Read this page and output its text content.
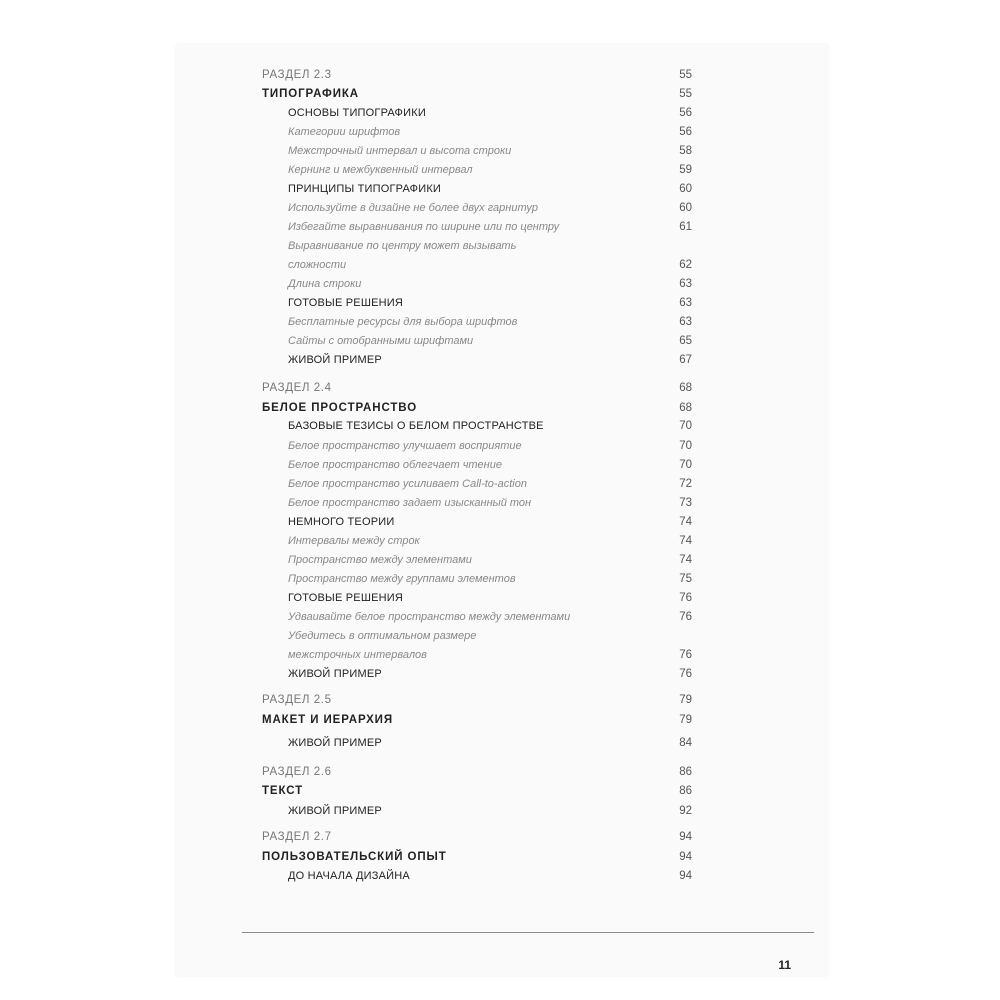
РАЗДЕЛ 2.3	55
ТИПОГРАФИКА	55
ОСНОВЫ ТИПОГРАФИКИ	56
Категории шрифтов	56
Межстрочный интервал и высота строки	58
Кернинг и межбуквенный интервал	59
ПРИНЦИПЫ ТИПОГРАФИКИ	60
Используйте в дизайне не более двух гарнитур	60
Избегайте выравнивания по ширине или по центру	61
Выравнивание по центру может вызывать
сложности	62
Длина строки	63
ГОТОВЫЕ РЕШЕНИЯ	63
Бесплатные ресурсы для выбора шрифтов	63
Сайты с отобранными шрифтами	65
ЖИВОЙ ПРИМЕР	67
РАЗДЕЛ 2.4	68
БЕЛОЕ ПРОСТРАНСТВО	68
БАЗОВЫЕ ТЕЗИСЫ О БЕЛОМ ПРОСТРАНСТВЕ	70
Белое пространство улучшает восприятие	70
Белое пространство облегчает чтение	70
Белое пространство усиливает Call-to-action	72
Белое пространство задает изысканный тон	73
НЕМНОГО ТЕОРИИ	74
Интервалы между строк	74
Пространство между элементами	74
Пространство между группами элементов	75
ГОТОВЫЕ РЕШЕНИЯ	76
Удваивайте белое пространство между элементами	76
Убедитесь в оптимальном размере
межстрочных интервалов	76
ЖИВОЙ ПРИМЕР	76
РАЗДЕЛ 2.5	79
МАКЕТ И ИЕРАРХИЯ	79
ЖИВОЙ ПРИМЕР	84
РАЗДЕЛ 2.6	86
ТЕКСТ	86
ЖИВОЙ ПРИМЕР	92
РАЗДЕЛ 2.7	94
ПОЛЬЗОВАТЕЛЬСКИЙ ОПЫТ	94
ДО НАЧАЛА ДИЗАЙНА	94
11
